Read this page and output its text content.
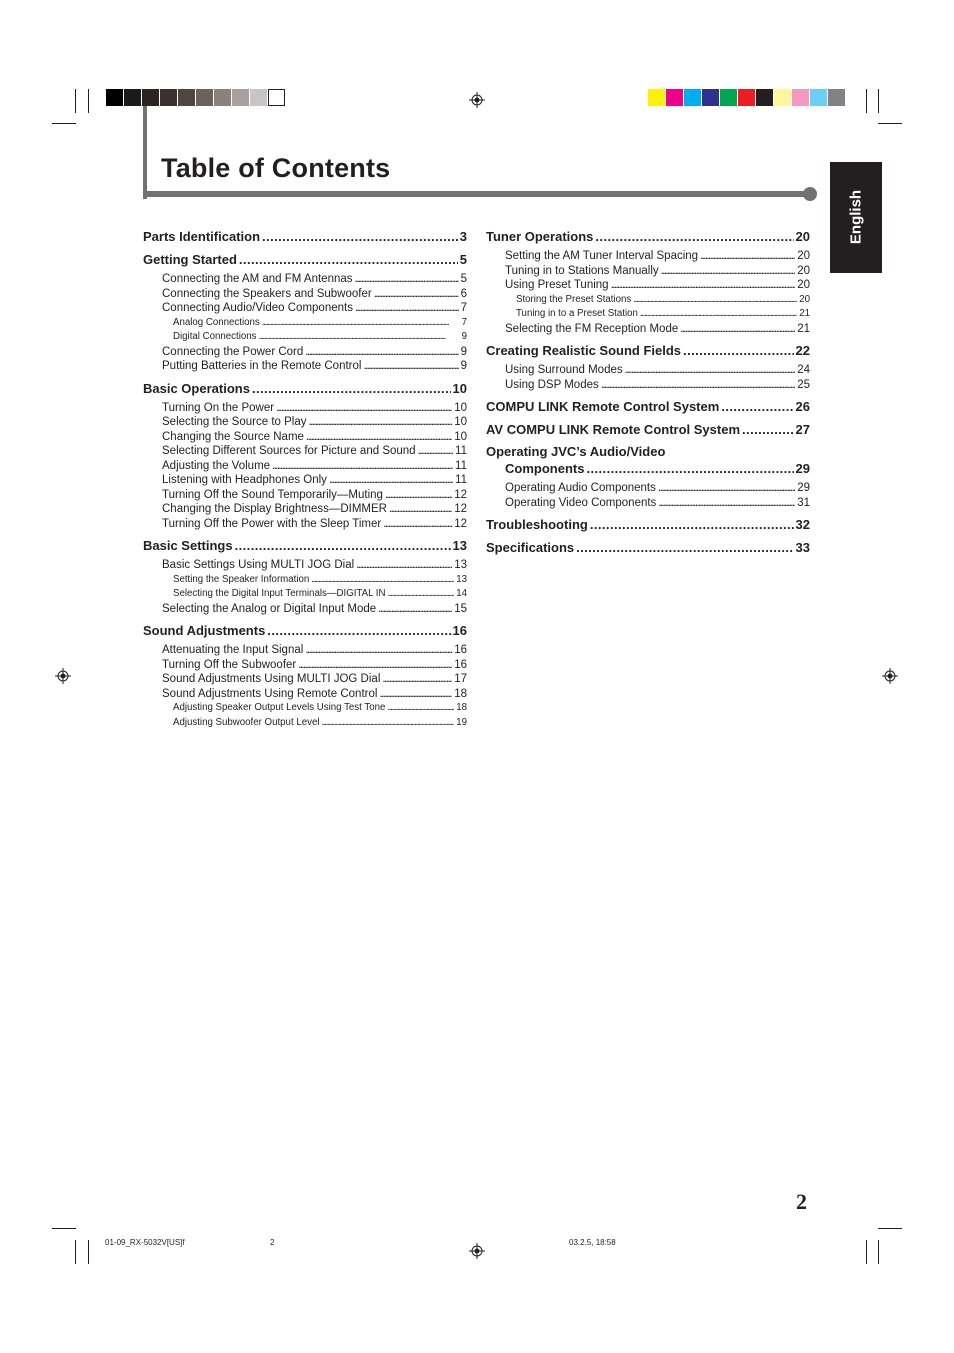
Table of Contents
English
Parts Identification . . .	3
Getting Started . . .	5
Connecting the AM and FM Antennas . . .	5
Connecting the Speakers and Subwoofer . . .	6
Connecting Audio/Video Components . . .	7
Analog Connections . . .	7
Digital Connections . . .	9
Connecting the Power Cord . . .	9
Putting Batteries in the Remote Control . . .	9
Basic Operations . . .	10
Turning On the Power . . .	10
Selecting the Source to Play . . .	10
Changing the Source Name . . .	10
Selecting Different Sources for Picture and Sound . . .	11
Adjusting the Volume . . .	11
Listening with Headphones Only . . .	11
Turning Off the Sound Temporarily—Muting . . .	12
Changing the Display Brightness—DIMMER . . .	12
Turning Off the Power with the Sleep Timer . . .	12
Basic Settings . . .	13
Basic Settings Using MULTI JOG Dial . . .	13
Setting the Speaker Information . . .	13
Selecting the Digital Input Terminals—DIGITAL IN . . .	14
Selecting the Analog or Digital Input Mode . . .	15
Sound Adjustments . . .	16
Attenuating the Input Signal . . .	16
Turning Off the Subwoofer . . .	16
Sound Adjustments Using MULTI JOG Dial . . .	17
Sound Adjustments Using Remote Control . . .	18
Adjusting Speaker Output Levels Using Test Tone . . .	18
Adjusting Subwoofer Output Level . . .	19
Tuner Operations . . .	20
Setting the AM Tuner Interval Spacing . . .	20
Tuning in to Stations Manually . . .	20
Using Preset Tuning . . .	20
Storing the Preset Stations . . .	20
Tuning in to a Preset Station . . .	21
Selecting the FM Reception Mode . . .	21
Creating Realistic Sound Fields . . .	22
Using Surround Modes . . .	24
Using DSP Modes . . .	25
COMPU LINK Remote Control System . . .	26
AV COMPU LINK Remote Control System . . .	27
Operating JVC’s Audio/Video
Components . . .	29
Operating Audio Components . . .	29
Operating Video Components . . .	31
Troubleshooting . . .	32
Specifications . . .	33
2
01-09_RX-5032V[US]f	2	03.2.5, 18:58
